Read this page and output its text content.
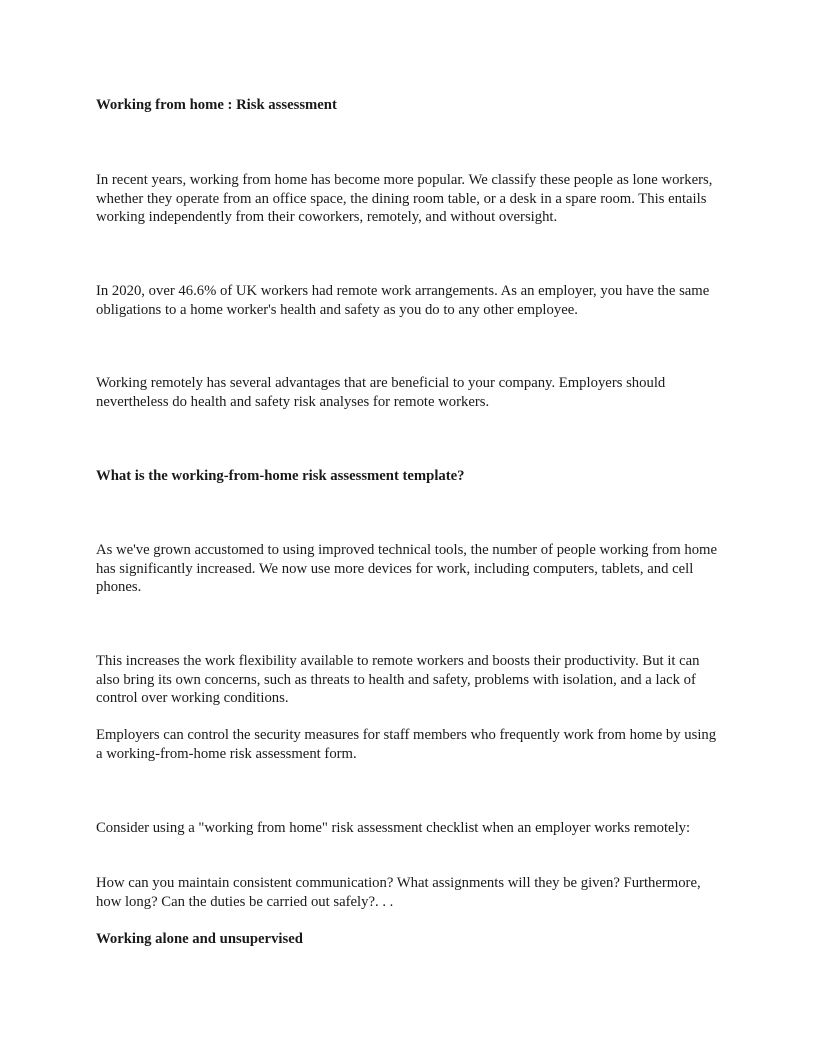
Working from home : Risk assessment

In recent years, working from home has become more popular. We classify these people as lone workers, whether they operate from an office space, the dining room table, or a desk in a spare room. This entails working independently from their coworkers, remotely, and without oversight.

In 2020, over 46.6% of UK workers had remote work arrangements. As an employer, you have the same obligations to a home worker's health and safety as you do to any other employee.

Working remotely has several advantages that are beneficial to your company. Employers should nevertheless do health and safety risk analyses for remote workers.

What is the working-from-home risk assessment template?

As we've grown accustomed to using improved technical tools, the number of people working from home has significantly increased. We now use more devices for work, including computers, tablets, and cell phones.

This increases the work flexibility available to remote workers and boosts their productivity. But it can also bring its own concerns, such as threats to health and safety, problems with isolation, and a lack of control over working conditions.

Employers can control the security measures for staff members who frequently work from home by using a working-from-home risk assessment form.

Consider using a "working from home" risk assessment checklist when an employer works remotely:

How can you maintain consistent communication? What assignments will they be given? Furthermore, how long? Can the duties be carried out safely?. . .

Working alone and unsupervised
